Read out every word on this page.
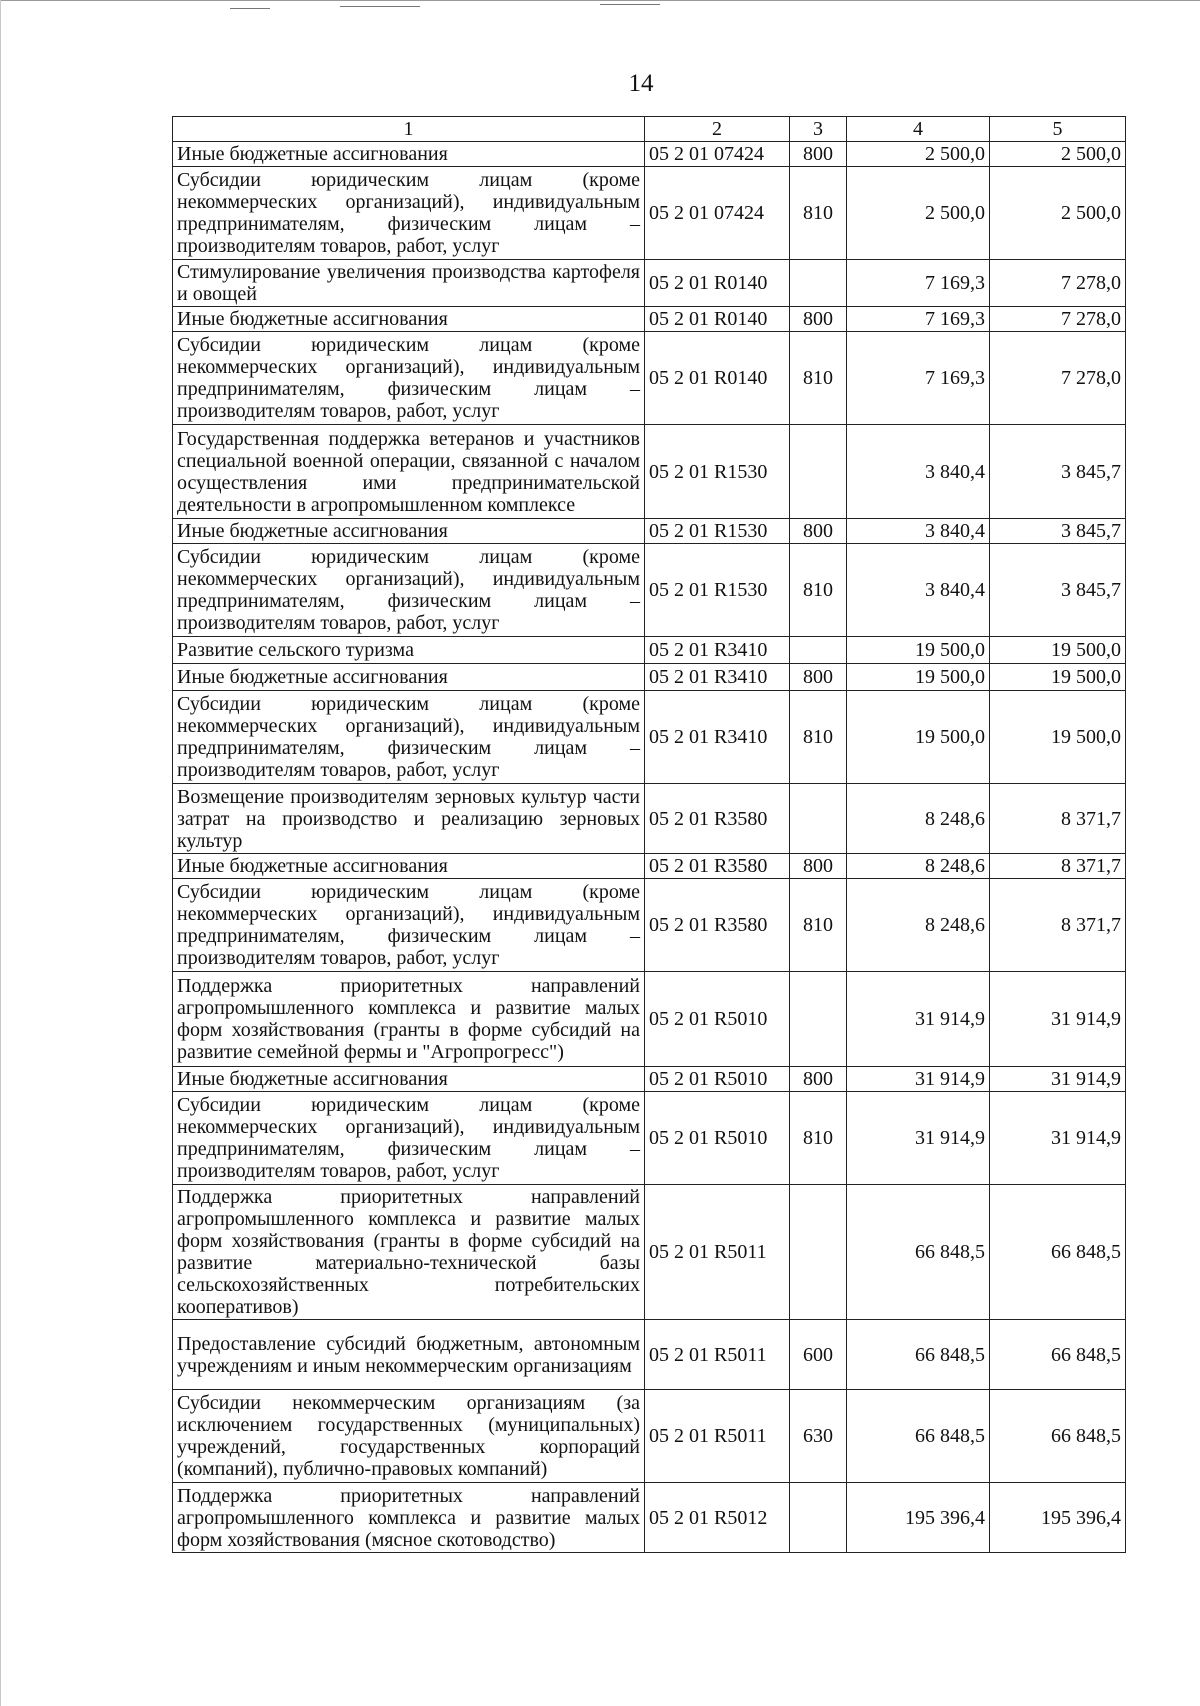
14
1	2	3	4	5
Иные бюджетные ассигнования	05 2 01 07424	800	2 500,0	2 500,0
Субсидии юридическим лицам (кроме некоммерческих организаций), индивидуальным предпринимателям, физическим лицам – производителям товаров, работ, услуг	05 2 01 07424	810	2 500,0	2 500,0
Стимулирование увеличения производства картофеля и овощей	05 2 01 R0140		7 169,3	7 278,0
Иные бюджетные ассигнования	05 2 01 R0140	800	7 169,3	7 278,0
Субсидии юридическим лицам (кроме некоммерческих организаций), индивидуальным предпринимателям, физическим лицам – производителям товаров, работ, услуг	05 2 01 R0140	810	7 169,3	7 278,0
Государственная поддержка ветеранов и участников специальной военной операции, связанной с началом осуществления ими предпринимательской деятельности в агропромышленном комплексе	05 2 01 R1530		3 840,4	3 845,7
Иные бюджетные ассигнования	05 2 01 R1530	800	3 840,4	3 845,7
Субсидии юридическим лицам (кроме некоммерческих организаций), индивидуальным предпринимателям, физическим лицам – производителям товаров, работ, услуг	05 2 01 R1530	810	3 840,4	3 845,7
Развитие сельского туризма	05 2 01 R3410		19 500,0	19 500,0
Иные бюджетные ассигнования	05 2 01 R3410	800	19 500,0	19 500,0
Субсидии юридическим лицам (кроме некоммерческих организаций), индивидуальным предпринимателям, физическим лицам – производителям товаров, работ, услуг	05 2 01 R3410	810	19 500,0	19 500,0
Возмещение производителям зерновых культур части затрат на производство и реализацию зерновых культур	05 2 01 R3580		8 248,6	8 371,7
Иные бюджетные ассигнования	05 2 01 R3580	800	8 248,6	8 371,7
Субсидии юридическим лицам (кроме некоммерческих организаций), индивидуальным предпринимателям, физическим лицам – производителям товаров, работ, услуг	05 2 01 R3580	810	8 248,6	8 371,7
Поддержка приоритетных направлений агропромышленного комплекса и развитие малых форм хозяйствования (гранты в форме субсидий на развитие семейной фермы и "Агропрогресс")	05 2 01 R5010		31 914,9	31 914,9
Иные бюджетные ассигнования	05 2 01 R5010	800	31 914,9	31 914,9
Субсидии юридическим лицам (кроме некоммерческих организаций), индивидуальным предпринимателям, физическим лицам – производителям товаров, работ, услуг	05 2 01 R5010	810	31 914,9	31 914,9
Поддержка приоритетных направлений агропромышленного комплекса и развитие малых форм хозяйствования (гранты в форме субсидий на развитие материально-технической базы сельскохозяйственных потребительских кооперативов)	05 2 01 R5011		66 848,5	66 848,5
Предоставление субсидий бюджетным, автономным учреждениям и иным некоммерческим организациям	05 2 01 R5011	600	66 848,5	66 848,5
Субсидии некоммерческим организациям (за исключением государственных (муниципальных) учреждений, государственных корпораций (компаний), публично-правовых компаний)	05 2 01 R5011	630	66 848,5	66 848,5
Поддержка приоритетных направлений агропромышленного комплекса и развитие малых форм хозяйствования (мясное скотоводство)	05 2 01 R5012		195 396,4	195 396,4
